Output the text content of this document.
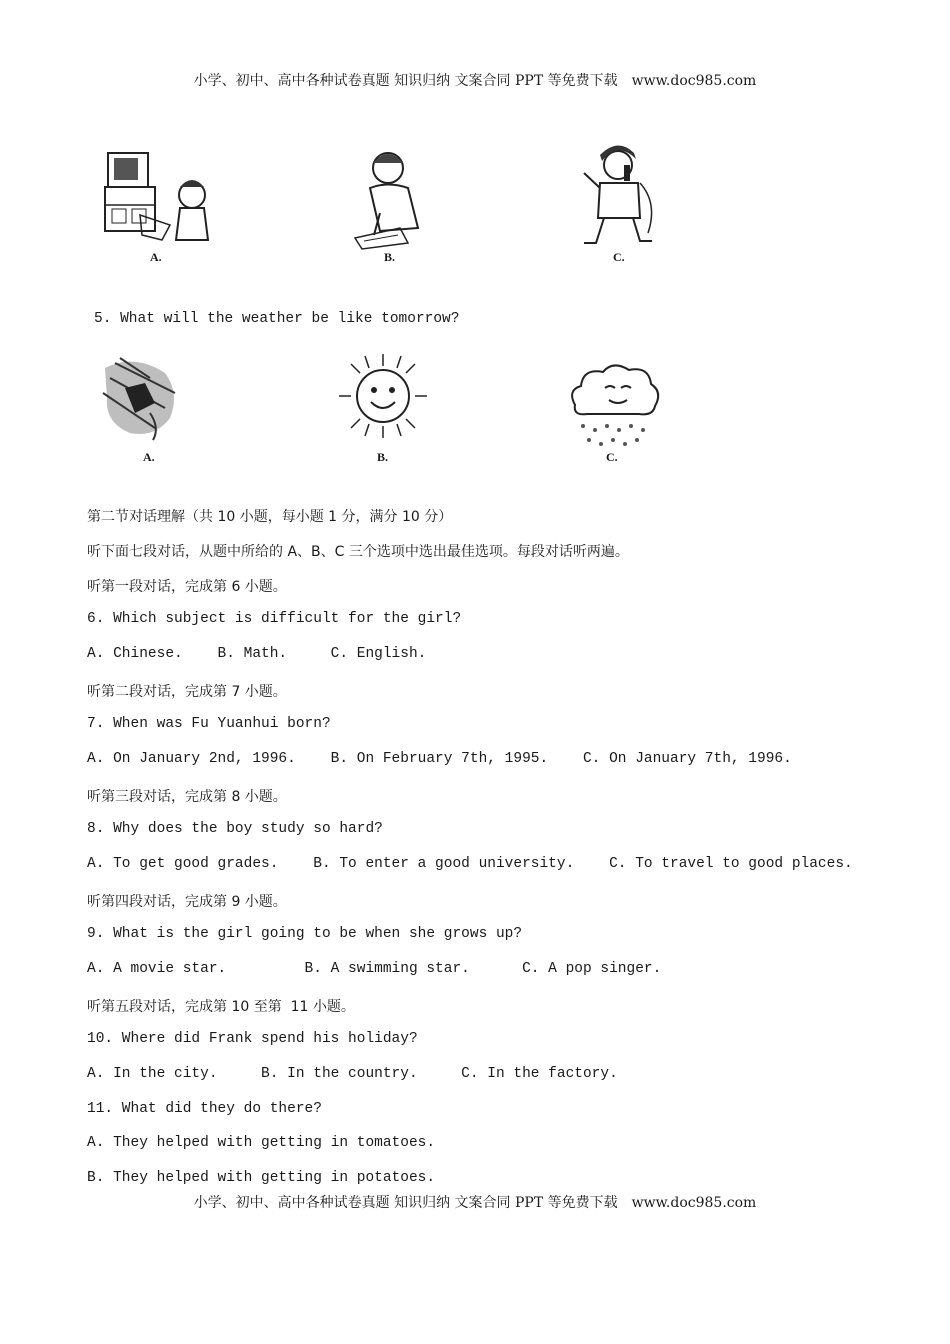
小学、初中、高中各种试卷真题 知识归纳 文案合同 PPT 等免费下载 www.doc985.com
A.	B.	C.
5. What will the weather be like tomorrow?
A.	B.	C.
第二节对话理解（共 10 小题，每小题 1 分，满分 10 分）
听下面七段对话，从题中所给的 A、B、C 三个选项中选出最佳选项。每段对话听两遍。
听第一段对话，完成第 6 小题。
6. Which subject is difficult for the girl?
A. Chinese.    B. Math.     C. English.
听第二段对话，完成第 7 小题。
7. When was Fu Yuanhui born?
A. On January 2nd, 1996.    B. On February 7th, 1995.    C. On January 7th, 1996.
听第三段对话，完成第 8 小题。
8. Why does the boy study so hard?
A. To get good grades.    B. To enter a good university.    C. To travel to good places.
听第四段对话，完成第 9 小题。
9. What is the girl going to be when she grows up?
A. A movie star.         B. A swimming star.      C. A pop singer.
听第五段对话，完成第 10 至第  11 小题。
10. Where did Frank spend his holiday?
A. In the city.     B. In the country.     C. In the factory.
11. What did they do there?
A. They helped with getting in tomatoes.
B. They helped with getting in potatoes.
小学、初中、高中各种试卷真题 知识归纳 文案合同 PPT 等免费下载 www.doc985.com
